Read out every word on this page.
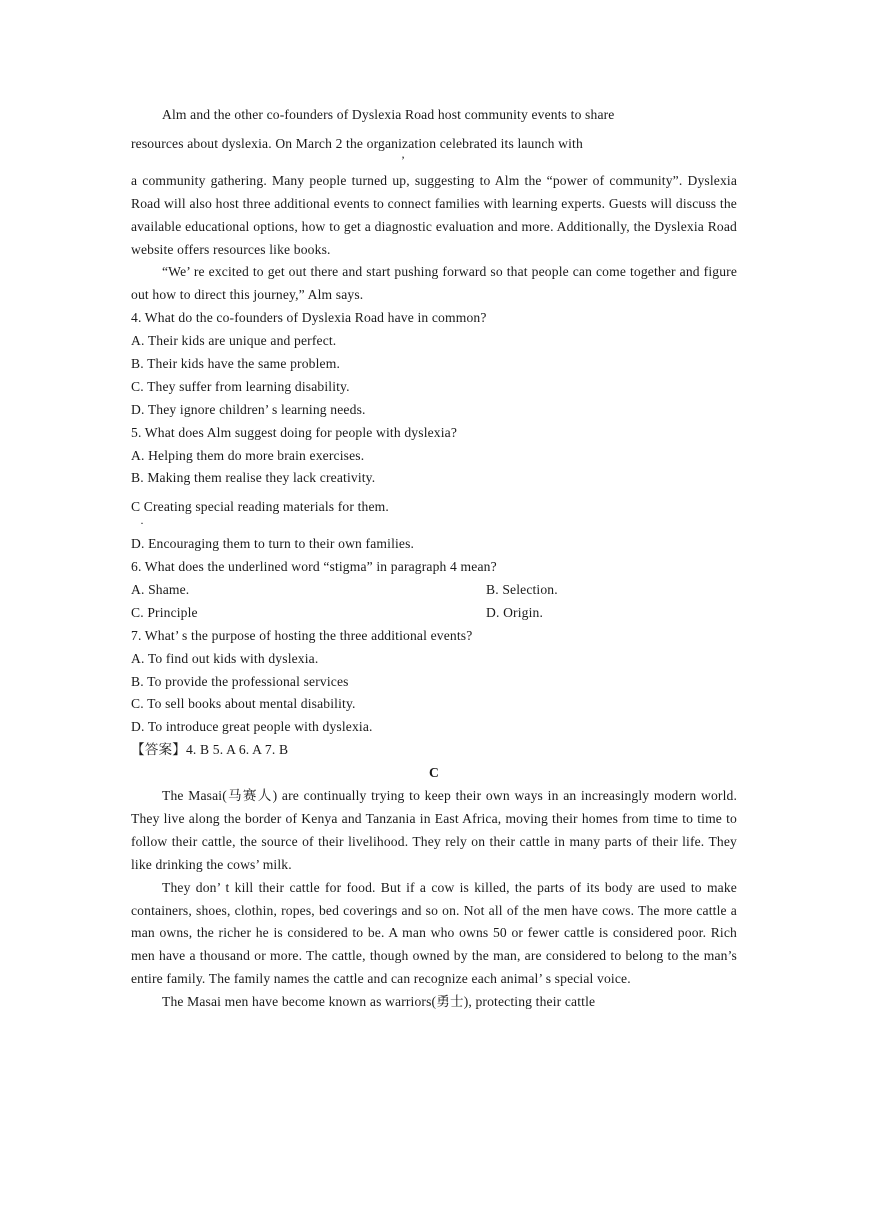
Alm and the other co-founders of Dyslexia Road host community events to share
resources about dyslexia. On March 2 the organization celebrated its launch with
’
a community gathering. Many people turned up, suggesting to Alm the “power of community”. Dyslexia Road will also host three additional events to connect families with learning experts. Guests will discuss the available educational options, how to get a diagnostic evaluation and more. Additionally, the Dyslexia Road website offers resources like books.
“We’ re excited to get out there and start pushing forward so that people can come together and figure out how to direct this journey,” Alm says.
4. What do the co-founders of Dyslexia Road have in common?
A. Their kids are unique and perfect.
B. Their kids have the same problem.
C. They suffer from learning disability.
D. They ignore children’ s learning needs.
5. What does Alm suggest doing for people with dyslexia?
A. Helping them do more brain exercises.
B. Making them realise they lack creativity.
C Creating special reading materials for them.
·
D. Encouraging them to turn to their own families.
6. What does the underlined word “stigma” in paragraph 4 mean?
A. Shame.	B. Selection.
C. Principle	D. Origin.
7. What’ s the purpose of hosting the three additional events?
A. To find out kids with dyslexia.
B. To provide the professional services
C. To sell books about mental disability.
D. To introduce great people with dyslexia.
【答案】4. B 5. A 6. A 7. B
C
The Masai(马赛人) are continually trying to keep their own ways in an increasingly modern world. They live along the border of Kenya and Tanzania in East Africa, moving their homes from time to time to follow their cattle, the source of their livelihood. They rely on their cattle in many parts of their life. They like drinking the cows’ milk.
They don’ t kill their cattle for food. But if a cow is killed, the parts of its body are used to make containers, shoes, clothin, ropes, bed coverings and so on. Not all of the men have cows. The more cattle a man owns, the richer he is considered to be. A man who owns 50 or fewer cattle is considered poor. Rich men have a thousand or more. The cattle, though owned by the man, are considered to belong to the man’s entire family. The family names the cattle and can recognize each animal’ s special voice.
The Masai men have become known as warriors(勇士), protecting their cattle
